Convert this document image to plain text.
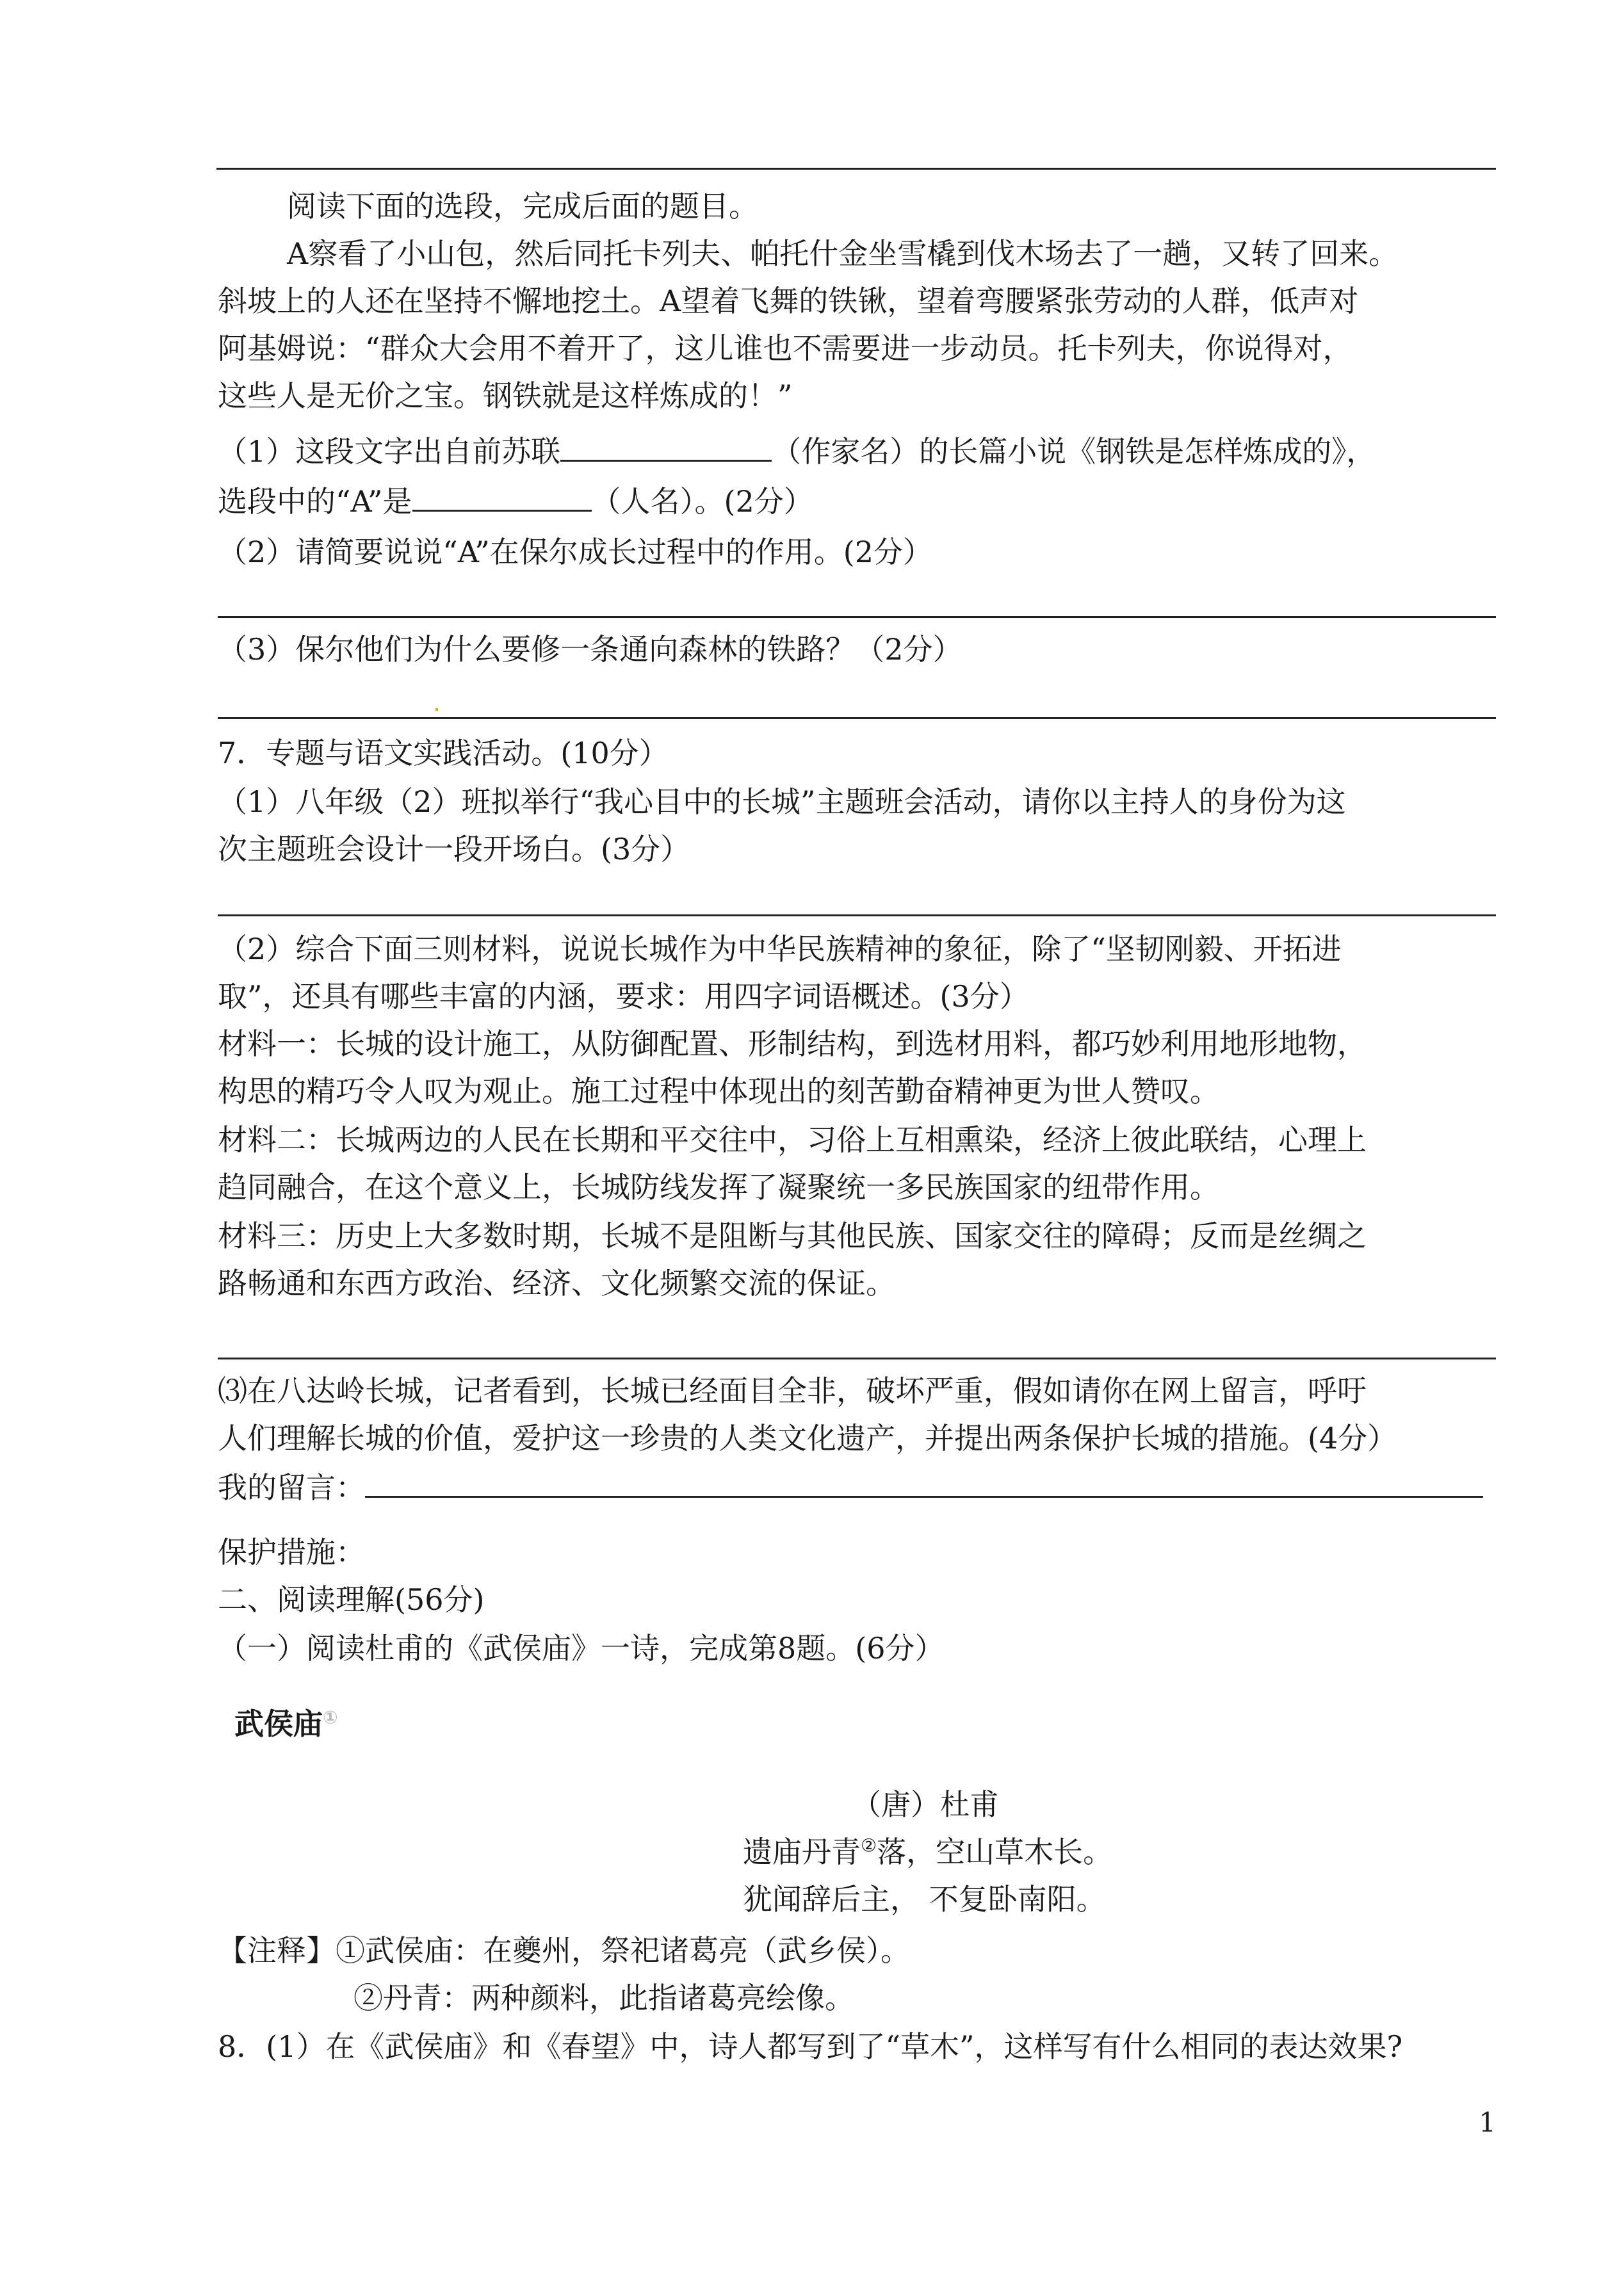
阅读下面的选段，完成后面的题目。
A察看了小山包，然后同托卡列夫、帕托什金坐雪橇到伐木场去了一趟，又转了回来。
斜坡上的人还在坚持不懈地挖土。A望着飞舞的铁锹，望着弯腰紧张劳动的人群，低声对
阿基姆说：“群众大会用不着开了，这儿谁也不需要进一步动员。托卡列夫，你说得对，
这些人是无价之宝。钢铁就是这样炼成的！”
（1）这段文字出自前苏联	（作家名）的长篇小说《钢铁是怎样炼成的》，
选段中的“A”是	（人名）。(2分）
（2）请简要说说“A”在保尔成长过程中的作用。(2分）
（3）保尔他们为什么要修一条通向森林的铁路？（2分）
7．专题与语文实践活动。(10分）
（1）八年级（2）班拟举行“我心目中的长城”主题班会活动，请你以主持人的身份为这
次主题班会设计一段开场白。(3分）
（2）综合下面三则材料，说说长城作为中华民族精神的象征，除了“坚韧刚毅、开拓进
取”，还具有哪些丰富的内涵，要求：用四字词语概述。(3分）
材料一：长城的设计施工，从防御配置、形制结构，到选材用料，都巧妙利用地形地物，
构思的精巧令人叹为观止。施工过程中体现出的刻苦勤奋精神更为世人赞叹。
材料二：长城两边的人民在长期和平交往中，习俗上互相熏染，经济上彼此联结，心理上
趋同融合，在这个意义上，长城防线发挥了凝聚统一多民族国家的纽带作用。
材料三：历史上大多数时期，长城不是阻断与其他民族、国家交往的障碍；反而是丝绸之
路畅通和东西方政治、经济、文化频繁交流的保证。
⑶在八达岭长城，记者看到，长城已经面目全非，破坏严重，假如请你在网上留言，呼吁
人们理解长城的价值，爱护这一珍贵的人类文化遗产，并提出两条保护长城的措施。(4分）
我的留言：
保护措施：
二、阅读理解(56分)
（一）阅读杜甫的《武侯庙》一诗，完成第8题。(6分）
武侯庙①
（唐）杜甫
遗庙丹青②落，空山草木长。
犹闻辞后主， 不复卧南阳。
【注释】①武侯庙：在夔州，祭祀诸葛亮（武乡侯）。
②丹青：两种颜料，此指诸葛亮绘像。
8．(1）在《武侯庙》和《春望》中，诗人都写到了“草木”，这样写有什么相同的表达效果?
1
